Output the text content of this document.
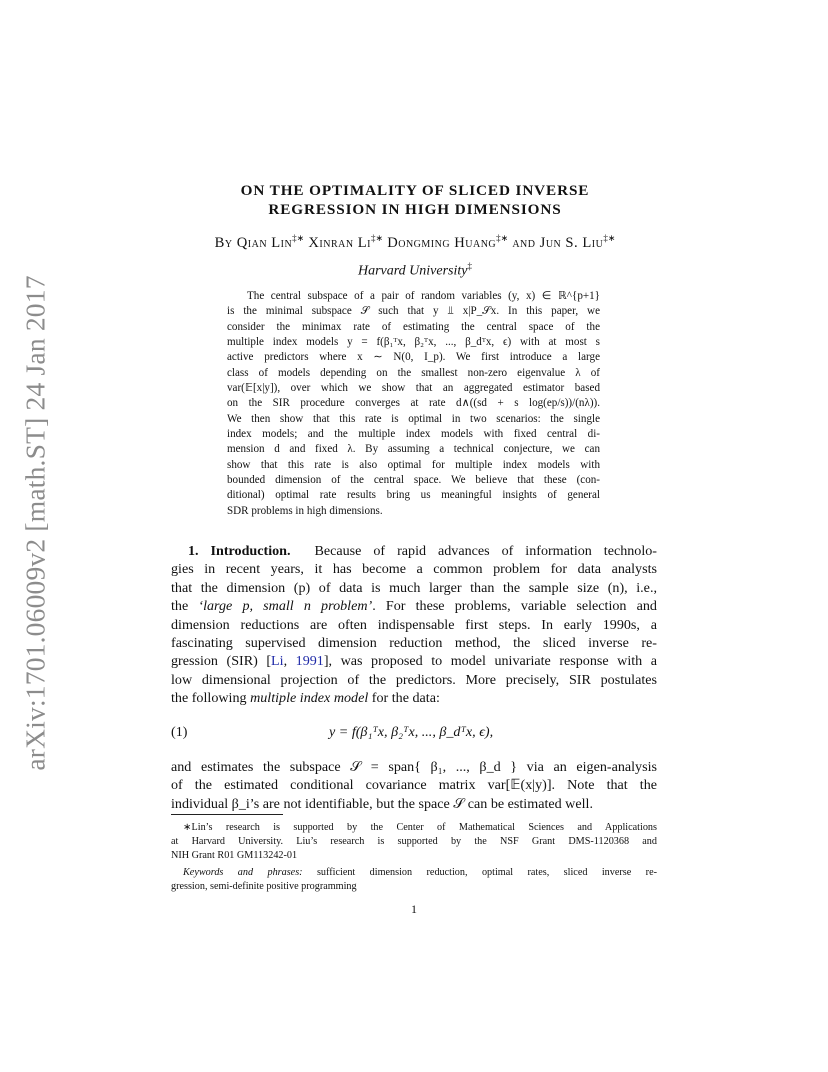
arXiv:1701.06009v2 [math.ST] 24 Jan 2017
ON THE OPTIMALITY OF SLICED INVERSE
REGRESSION IN HIGH DIMENSIONS
By Qian Lin‡∗ Xinran Li‡∗ Dongming Huang‡∗ and Jun S. Liu‡∗
Harvard University‡
The central subspace of a pair of random variables (y, x) ∈ ℝ^{p+1}
is the minimal subspace 𝒮 such that y ⫫ x|P_𝒮x. In this paper, we
consider the minimax rate of estimating the central space of the
multiple index models y = f(β₁ᵀx, β₂ᵀx, ..., β_dᵀx, ϵ) with at most s
active predictors where x ∼ N(0, I_p). We first introduce a large
class of models depending on the smallest non-zero eigenvalue λ of
var(𝔼[x|y]), over which we show that an aggregated estimator based
on the SIR procedure converges at rate d∧((sd + s log(ep/s))/(nλ)).
We then show that this rate is optimal in two scenarios: the single
index models; and the multiple index models with fixed central di-
mension d and fixed λ. By assuming a technical conjecture, we can
show that this rate is also optimal for multiple index models with
bounded dimension of the central space. We believe that these (con-
ditional) optimal rate results bring us meaningful insights of general
SDR problems in high dimensions.
1. Introduction. Because of rapid advances of information technolo-
gies in recent years, it has become a common problem for data analysts
that the dimension (p) of data is much larger than the sample size (n), i.e.,
the ‘large p, small n problem’. For these problems, variable selection and
dimension reductions are often indispensable first steps. In early 1990s, a
fascinating supervised dimension reduction method, the sliced inverse re-
gression (SIR) [Li, 1991], was proposed to model univariate response with a
low dimensional projection of the predictors. More precisely, SIR postulates
the following multiple index model for the data:
(1)	y = f(β₁ᵀx, β₂ᵀx, ..., β_dᵀx, ϵ),
and estimates the subspace 𝒮 = span{ β₁, ..., β_d } via an eigen-analysis
of the estimated conditional covariance matrix var[𝔼(x|y)]. Note that the
individual β_i’s are not identifiable, but the space 𝒮 can be estimated well.
∗Lin’s research is supported by the Center of Mathematical Sciences and Applications
at Harvard University. Liu’s research is supported by the NSF Grant DMS-1120368 and
NIH Grant R01 GM113242-01
Keywords and phrases: sufficient dimension reduction, optimal rates, sliced inverse re-
gression, semi-definite positive programming
1
